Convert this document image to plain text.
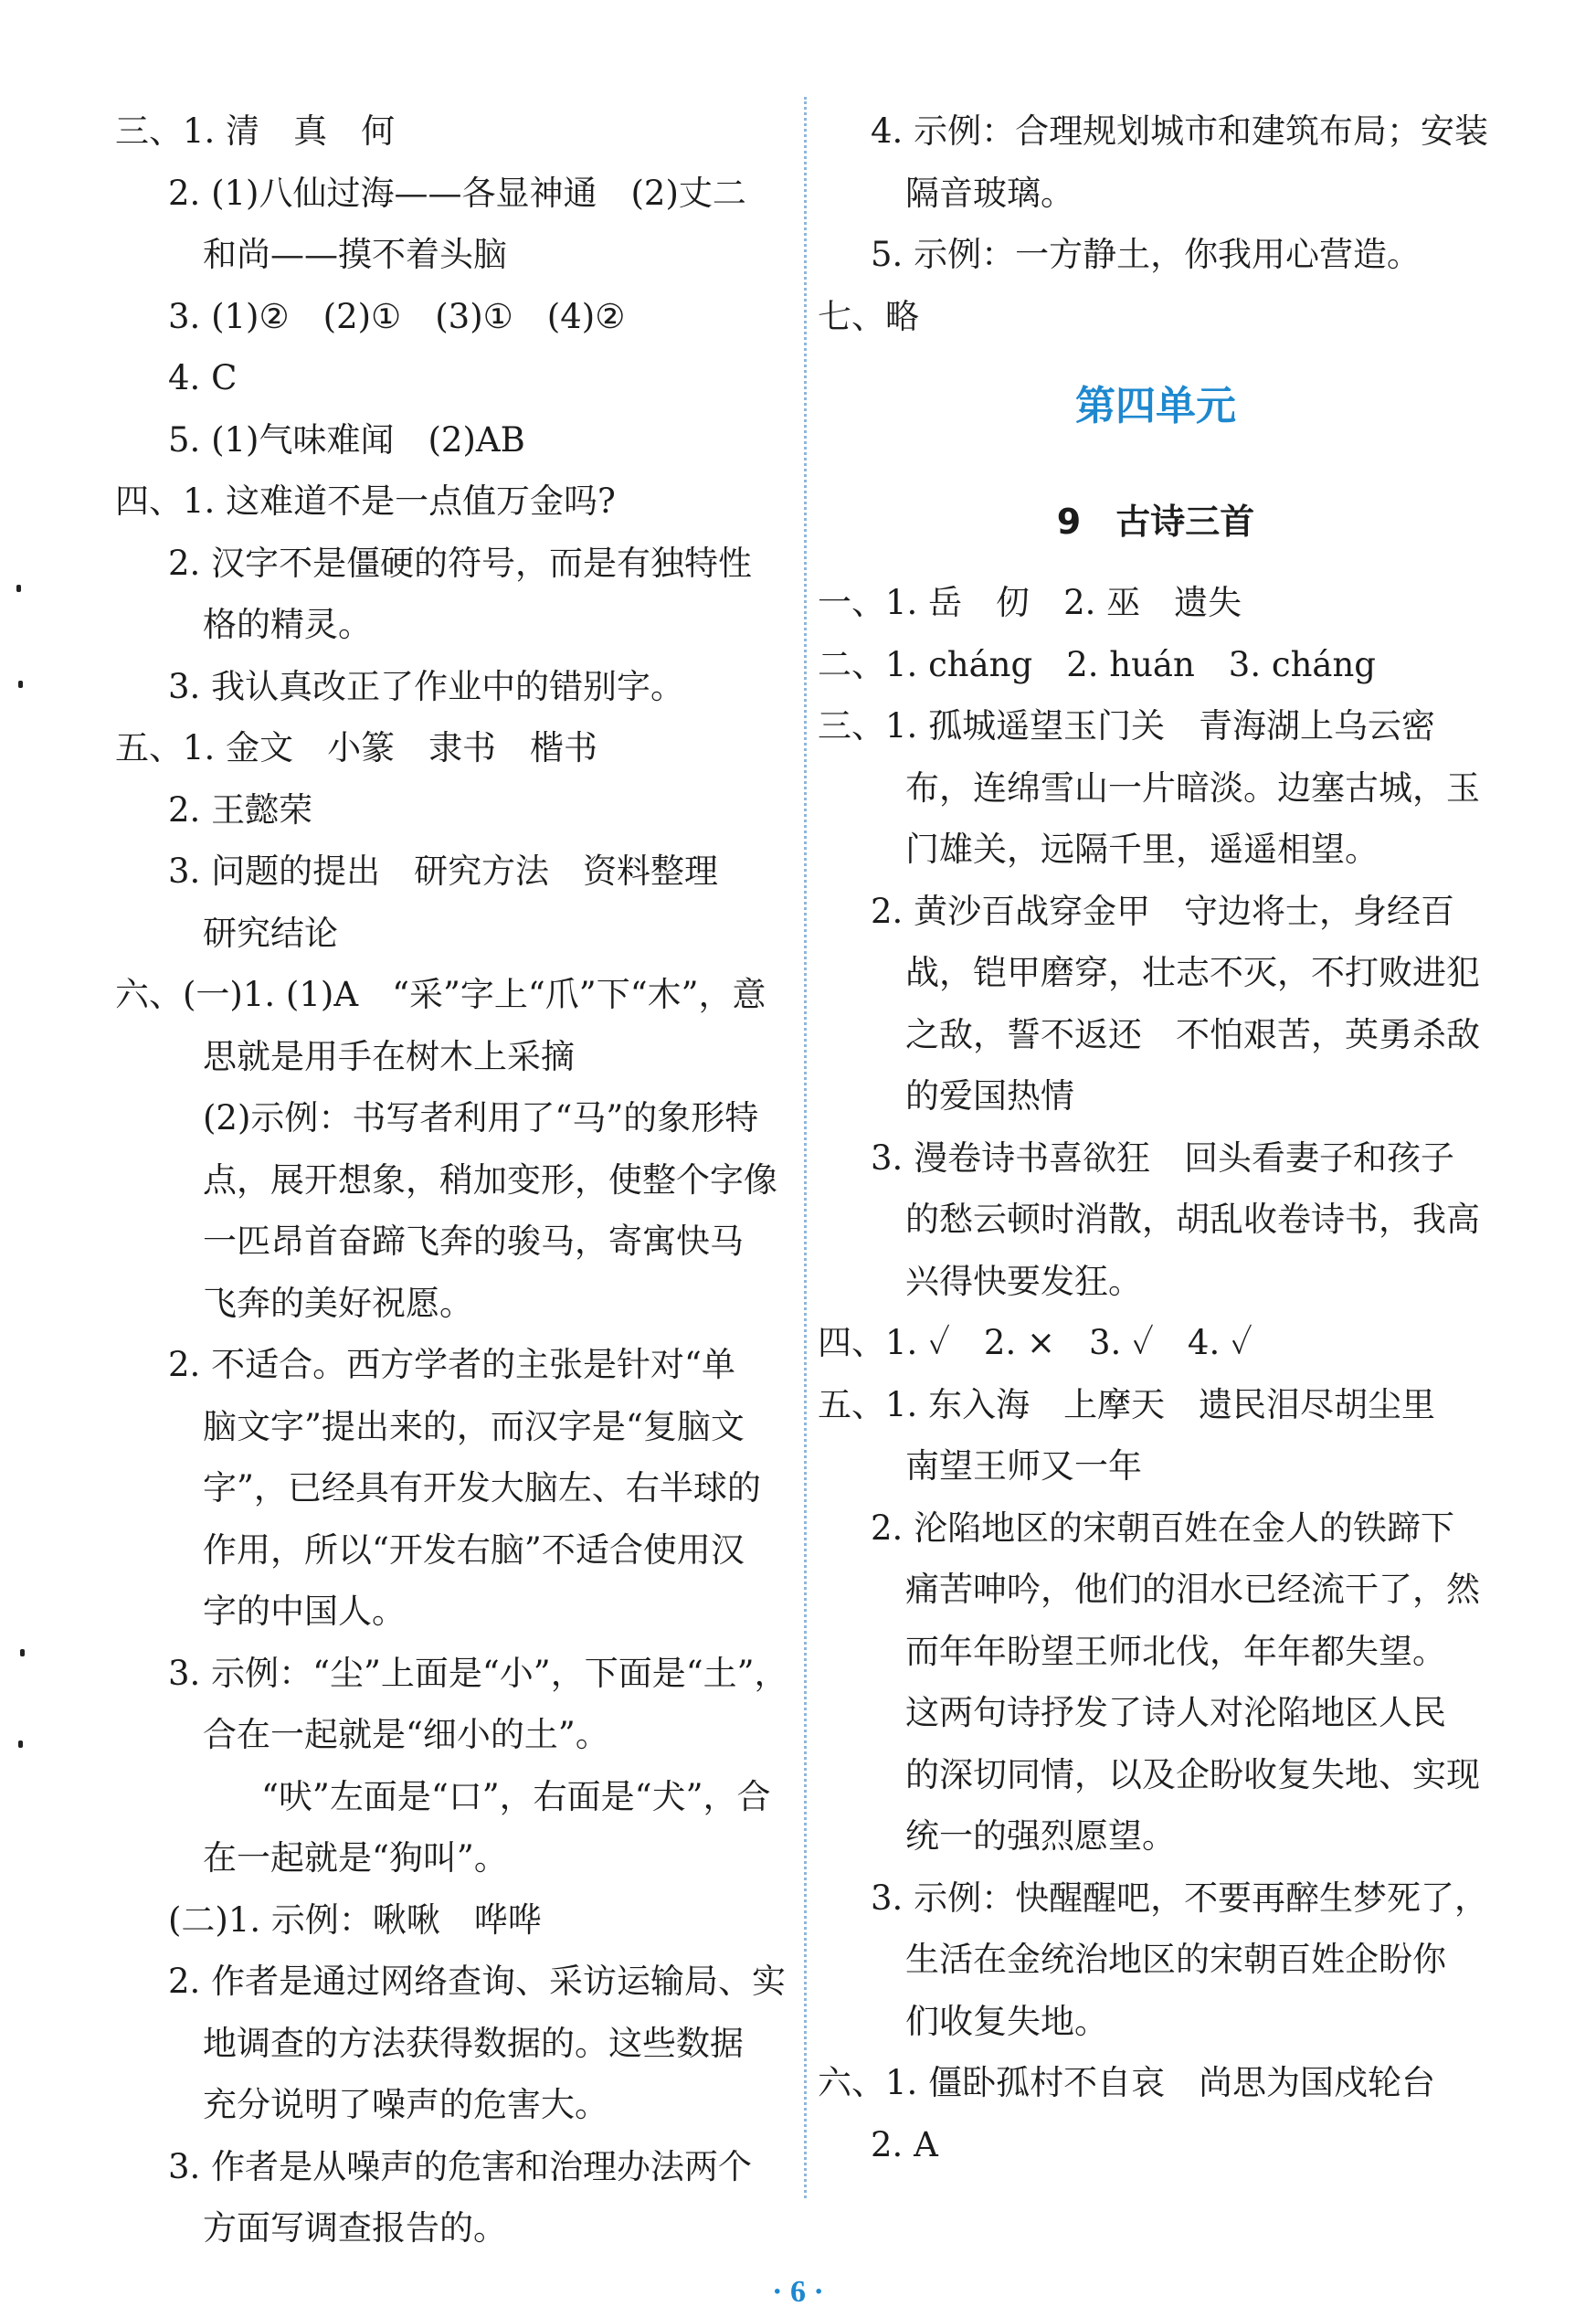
三、1. 清　真　何
2. (1)八仙过海——各显神通　(2)丈二
和尚——摸不着头脑
3. (1)②　(2)①　(3)①　(4)②
4. C
5. (1)气味难闻　(2)AB
四、1. 这难道不是一点值万金吗?
2. 汉字不是僵硬的符号，而是有独特性
格的精灵。
3. 我认真改正了作业中的错别字。
五、1. 金文　小篆　隶书　楷书
2. 王懿荣
3. 问题的提出　研究方法　资料整理
研究结论
六、(一)1. (1)A　“采”字上“爪”下“木”，意
思就是用手在树木上采摘
(2)示例：书写者利用了“马”的象形特
点，展开想象，稍加变形，使整个字像
一匹昂首奋蹄飞奔的骏马，寄寓快马
飞奔的美好祝愿。
2. 不适合。西方学者的主张是针对“单
脑文字”提出来的，而汉字是“复脑文
字”，已经具有开发大脑左、右半球的
作用，所以“开发右脑”不适合使用汉
字的中国人。
3. 示例：“尘”上面是“小”，下面是“土”，
合在一起就是“细小的土”。
“吠”左面是“口”，右面是“犬”，合
在一起就是“狗叫”。
(二)1. 示例：啾啾　哗哗
2. 作者是通过网络查询、采访运输局、实
地调查的方法获得数据的。这些数据
充分说明了噪声的危害大。
3. 作者是从噪声的危害和治理办法两个
方面写调查报告的。
4. 示例：合理规划城市和建筑布局；安装
隔音玻璃。
5. 示例：一方静土，你我用心营造。
七、略
第四单元
9　古诗三首
一、1. 岳　仞　2. 巫　遗失
二、1. cháng　2. huán　3. cháng
三、1. 孤城遥望玉门关　青海湖上乌云密
布，连绵雪山一片暗淡。边塞古城，玉
门雄关，远隔千里，遥遥相望。
2. 黄沙百战穿金甲　守边将士，身经百
战，铠甲磨穿，壮志不灭，不打败进犯
之敌，誓不返还　不怕艰苦，英勇杀敌
的爱国热情
3. 漫卷诗书喜欲狂　回头看妻子和孩子
的愁云顿时消散，胡乱收卷诗书，我高
兴得快要发狂。
四、1. ✓　2. ×　3. ✓　4. ✓
五、1. 东入海　上摩天　遗民泪尽胡尘里
南望王师又一年
2. 沦陷地区的宋朝百姓在金人的铁蹄下
痛苦呻吟，他们的泪水已经流干了，然
而年年盼望王师北伐，年年都失望。
这两句诗抒发了诗人对沦陷地区人民
的深切同情，以及企盼收复失地、实现
统一的强烈愿望。
3. 示例：快醒醒吧，不要再醉生梦死了，
生活在金统治地区的宋朝百姓企盼你
们收复失地。
六、1. 僵卧孤村不自哀　尚思为国戍轮台
2. A
· 6 ·
